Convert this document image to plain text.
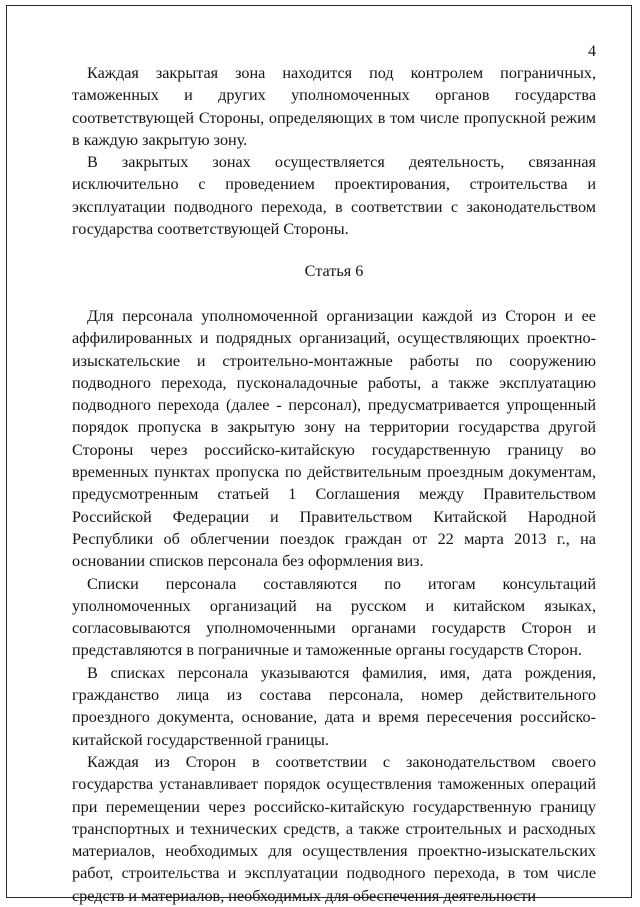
4

Каждая закрытая зона находится под контролем пограничных, таможенных и других уполномоченных органов государства соответствующей Стороны, определяющих в том числе пропускной режим в каждую закрытую зону.

В закрытых зонах осуществляется деятельность, связанная исключительно с проведением проектирования, строительства и эксплуатации подводного перехода, в соответствии с законодательством государства соответствующей Стороны.

Статья 6

Для персонала уполномоченной организации каждой из Сторон и ее аффилированных и подрядных организаций, осуществляющих проектно-изыскательские и строительно-монтажные работы по сооружению подводного перехода, пусконаладочные работы, а также эксплуатацию подводного перехода (далее - персонал), предусматривается упрощенный порядок пропуска в закрытую зону на территории государства другой Стороны через российско-китайскую государственную границу во временных пунктах пропуска по действительным проездным документам, предусмотренным статьей 1 Соглашения между Правительством Российской Федерации и Правительством Китайской Народной Республики об облегчении поездок граждан от 22 марта 2013 г., на основании списков персонала без оформления виз.

Списки персонала составляются по итогам консультаций уполномоченных организаций на русском и китайском языках, согласовываются уполномоченными органами государств Сторон и представляются в пограничные и таможенные органы государств Сторон.

В списках персонала указываются фамилия, имя, дата рождения, гражданство лица из состава персонала, номер действительного проездного документа, основание, дата и время пересечения российско-китайской государственной границы.

Каждая из Сторон в соответствии с законодательством своего государства устанавливает порядок осуществления таможенных операций при перемещении через российско-китайскую государственную границу транспортных и технических средств, а также строительных и расходных материалов, необходимых для осуществления проектно-изыскательских работ, строительства и эксплуатации подводного перехода, в том числе средств и материалов, необходимых для обеспечения деятельности
